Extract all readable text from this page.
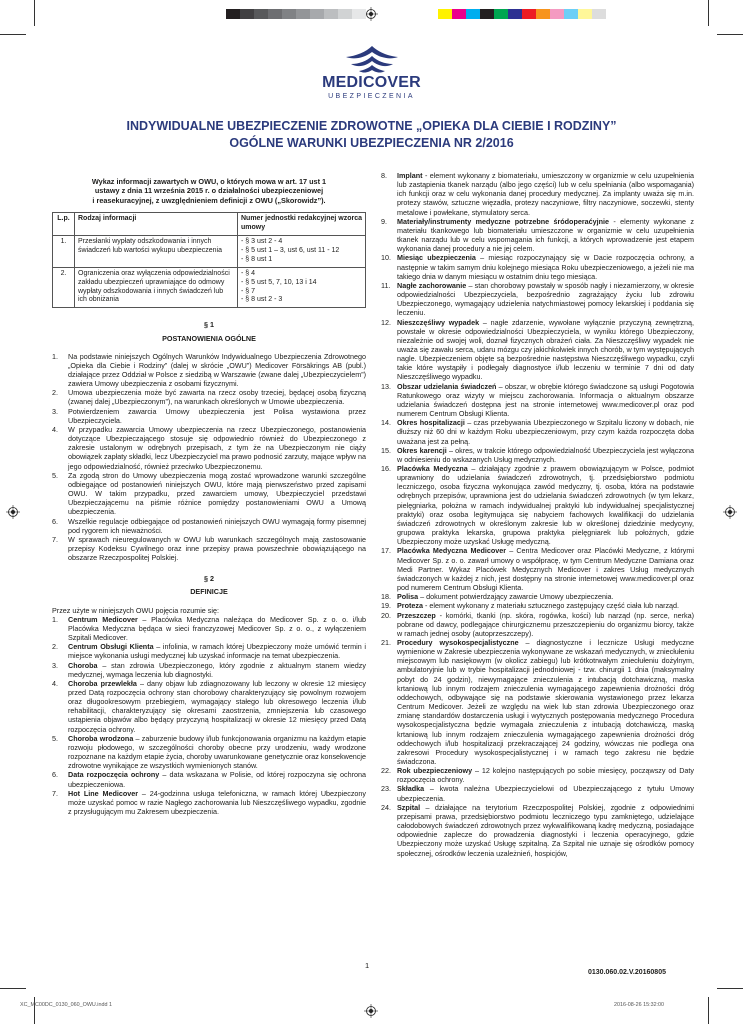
MEDICOVER
UBEZPIECZENIA
INDYWIDUALNE UBEZPIECZENIE ZDROWOTNE „OPIEKA DLA CIEBIE I RODZINY”
OGÓLNE WARUNKI UBEZPIECZENIA NR 2/2016
Wykaz informacji zawartych w OWU, o których mowa w art. 17 ust 1
ustawy z dnia 11 września 2015 r. o działalności ubezpieczeniowej
i reasekuracyjnej, z uwzględnieniem definicji z OWU („Skorowidz”).
L.p.	Rodzaj informacji	Numer jednostki redakcyjnej wzorca umowy
1.	Przesłanki wypłaty odszkodowania i innych świadczeń lub wartości wykupu ubezpieczenia	- § 3 ust 2 - 4
- § 5 ust 1 – 3, ust 6, ust 11 - 12
- § 8 ust 1

2.	Ograniczenia oraz wyłączenia odpowiedzialności zakładu ubezpieczeń uprawniające do odmowy wypłaty odszkodowania i innych świadczeń lub ich obniżania	- § 4
- § 5 ust 5, 7, 10, 13 i 14
- § 7
- § 8 ust 2 - 3
§ 1
POSTANOWIENIA OGÓLNE
1. Na podstawie niniejszych Ogólnych Warunków Indywidualnego Ubezpieczenia Zdrowotnego „Opieka dla Ciebie i Rodziny” (dalej w skrócie „OWU”) Medicover Försäkrings AB (publ.) działające przez Oddział w Polsce z siedzibą w Warszawie (zwane dalej „Ubezpieczycielem”) zawiera Umowy ubezpieczenia z osobami fizycznymi.
2. Umowa ubezpieczenia może być zawarta na rzecz osoby trzeciej, będącej osobą fizyczną (zwanej dalej „Ubezpieczonym”), na warunkach określonych w Umowie ubezpieczenia.
3. Potwierdzeniem zawarcia Umowy ubezpieczenia jest Polisa wystawiona przez Ubezpieczyciela.
4. W przypadku zawarcia Umowy ubezpieczenia na rzecz Ubezpieczonego, postanowienia dotyczące Ubezpieczającego stosuje się odpowiednio również do Ubezpieczonego z zakresie ustalonym w odrębnych przepisach, z tym że na Ubezpieczonym nie ciąży obowiązek zapłaty składki, lecz Ubezpieczyciel ma prawo podnosić zarzuty, mające wpływ na jego odpowiedzialność, również przeciwko Ubezpieczonemu.
5. Za zgodą stron do Umowy ubezpieczenia mogą zostać wprowadzone warunki szczególne odbiegające od postanowień niniejszych OWU, które mają pierwszeństwo przed zapisami OWU. W takim przypadku, przed zawarciem umowy, Ubezpieczyciel przedstawi Ubezpieczającemu na piśmie różnice pomiędzy postanowieniami OWU a Umową ubezpieczenia.
6. Wszelkie regulacje odbiegające od postanowień niniejszych OWU wymagają formy pisemnej pod rygorem ich nieważności.
7. W sprawach nieuregulowanych w OWU lub warunkach szczególnych mają zastosowanie przepisy Kodeksu Cywilnego oraz inne przepisy prawa powszechnie obowiązującego na obszarze Rzeczpospolitej Polskiej.
§ 2
DEFINICJE
Przez użyte w niniejszych OWU pojęcia rozumie się:
1. Centrum Medicover – Placówka Medyczna należąca do Medicover Sp. z o. o. i/lub Placówka Medyczna będąca w sieci franczyzowej Medicover Sp. z o. o., z wyłączeniem Szpitali Medicover.
2. Centrum Obsługi Klienta – infolinia, w ramach której Ubezpieczony może umówić termin i miejsce wykonania usługi medycznej lub uzyskać informacje na temat ubezpieczenia.
3. Choroba – stan zdrowia Ubezpieczonego, który zgodnie z aktualnym stanem wiedzy medycznej, wymaga leczenia lub diagnostyki.
4. Choroba przewlekła – dany objaw lub zdiagnozowany lub leczony w okresie 12 miesięcy przed Datą rozpoczęcia ochrony stan chorobowy charakteryzujący się powolnym rozwojem oraz długookresowym przebiegiem, wymagający stałego lub okresowego leczenia i/lub rehabilitacji, charakteryzujący się okresami zaostrzenia, zmniejszenia lub czasowego ustąpienia objawów albo będący przyczyną hospitalizacji w okresie 12 miesięcy przed Datą rozpoczęcia ochrony.
5. Choroba wrodzona – zaburzenie budowy i/lub funkcjonowania organizmu na każdym etapie rozwoju płodowego, w szczególności choroby obecne przy urodzeniu, wady wrodzone rozpoznane na każdym etapie życia, choroby uwarunkowane genetycznie oraz konsekwencje zdrowotne wynikające ze wszystkich wymienionych stanów.
6. Data rozpoczęcia ochrony – data wskazana w Polisie, od której rozpoczyna się ochrona ubezpieczeniowa.
7. Hot Line Medicover – 24-godzinna usługa telefoniczna, w ramach której Ubezpieczony może uzyskać pomoc w razie Nagłego zachorowania lub Nieszczęśliwego wypadku, zgodnie z przysługującym mu Zakresem ubezpieczenia.
8. Implant - element wykonany z biomateriału, umieszczony w organizmie w celu uzupełnienia lub zastąpienia tkanek narządu (albo jego części) lub w celu spełniania (albo wspomagania) ich funkcji oraz w celu wykonania danej procedury medycznej. Za implanty uważa się m.in. protezy stawów, sztuczne więzadła, protezy naczyniowe, filtry naczyniowe, soczewki, stenty metalowe i powłekane, stymulatory serca.
9. Materiały/instrumenty medyczne potrzebne śródoperaćyjnie - elementy wykonane z materiału tkankowego lub biomateriału umieszczone w organizmie w celu uzupełnienia tkanek narządu lub w celu wspomagania ich funkcji, a których wprowadzenie jest etapem wykonania danej procedury a nie jej celem.
10. Miesiąc ubezpieczenia – miesiąc rozpoczynający się w Dacie rozpoczęcia ochrony, a następnie w takim samym dniu kolejnego miesiąca Roku ubezpieczeniowego, a jeżeli nie ma takiego dnia w danym miesiącu w ostatnim dniu tego miesiąca.
11. Nagłe zachorowanie – stan chorobowy powstały w sposób nagły i niezamierzony, w okresie odpowiedzialności Ubezpieczyciela, bezpośrednio zagrażający życiu lub zdrowiu Ubezpieczonego, wymagający udzielenia natychmiastowej pomocy lekarskiej i poddania się leczeniu.
12. Nieszczęśliwy wypadek – nagłe zdarzenie, wywołane wyłącznie przyczyną zewnętrzną, powstałe w okresie odpowiedzialności Ubezpieczyciela, w wyniku którego Ubezpieczony, niezależnie od swojej woli, doznał fizycznych obrażeń ciała. Za Nieszczęśliwy wypadek nie uważa się zawału serca, udaru mózgu czy jakichkolwiek innych chorób, w tym występujących nagle. Ubezpieczeniem objęte są bezpośrednie następstwa Nieszczęśliwego wypadku, czyli takie które wystąpiły i podłegały diagnostyce i/lub leczeniu w terminie 7 dni od daty Nieszczęśliwego wypadku.
13. Obszar udzielania świadczeń – obszar, w obrębie którego świadczone są usługi Pogotowia Ratunkowego oraz wizyty w miejscu zachorowania. Informacja o aktualnym obszarze udzielania świadczeń dostępna jest na stronie internetowej www.medicover.pl oraz pod numerem Centrum Obsługi Klienta.
14. Okres hospitalizacji – czas przebywania Ubezpieczonego w Szpitalu liczony w dobach, nie dłuższy niż 60 dni w każdym Roku ubezpieczeniowym, przy czym każda rozpoczęta doba uważana jest za pełną.
15. Okres karencji – okres, w trakcie którego odpowiedzialność Ubezpieczyciela jest wyłączona w odniesieniu do wskazanych Usług medycznych.
16. Placówka Medyczna – działający zgodnie z prawem obowiązującym w Polsce, podmiot uprawniony do udzielania świadczeń zdrowotnych, tj. przedsiębiorstwo podmiotu leczniczego, osoba fizyczna wykonująca zawód medyczny, tj. osoba, która na podstawie odrębnych przepisów, uprawniona jest do udzielania świadczeń zdrowotnych (w tym lekarz, pielęgniarka, położna w ramach indywidualnej praktyki lub indywidualnej specjalistycznej praktyki) oraz osoba legitymująca się nabyciem fachowych kwalifikacji do udzielania świadczeń zdrowotnych w określonym zakresie lub w określonej dziedzinie medycyny, grupowa praktyka lekarska, grupowa praktyka pielęgniarek lub położnych, gdzie Ubezpieczony może uzyskać Usługę medyczną.
17. Placówka Medyczna Medicover – Centra Medicover oraz Placówki Medyczne, z którymi Medicover Sp. z o. o. zawarł umowy o współpracę, w tym Centrum Medyczne Damiana oraz Medi Partner. Wykaz Placówek Medycznych Medicover i zakres Usług medycznych świadczonych w każdej z nich, jest dostępny na stronie internetowej www.medicover.pl oraz pod numerem Centrum Obsługi Klienta.
18. Polisa – dokument potwierdzający zawarcie Umowy ubezpieczenia.
19. Proteza - element wykonany z materiału sztucznego zastępujący część ciała lub narząd.
20. Przeszczep - komórki, tkanki (np. skóra, rogówka, kości) lub narząd (np. serce, nerka) pobrane od dawcy, podlegające chirurgicznemu przeszczepieniu do organizmu biorcy, także w ramach jednej osoby (autoprzeszczepy).
21. Procedury wysokospecjalistyczne – diagnostyczne i lecznicze Usługi medyczne wymienione w Zakresie ubezpieczenia wykonywane ze wskazań medycznych, w zniecłułeniu miejscowym lub nasiękowym (w okolicz zabiegu) lub krótkotrwałym zniecłułeniu dożylnym, ambulatoryjnie lub w trybie hospitalizacji jednodniowej - tzw. chirurgii 1 dnia (maksymalny pobyt do 24 godzin), niewymagające znieczulenia z intubacją dotchawiczną, maska krtaniową lub innym rodzajem znieczulenia wymagającego zapewnienia drożności dróg oddechowych, odbywające się na podstawie skierowania wystawionego przez lekarza Centrum Medicover. Jeżeli ze względu na wiek lub stan zdrowia Ubezpieczonego oraz zmianę standardów dostarczenia usługi i wytycznych postępowania medycznego Procedura wysokospecjalistyczna będzie wymagała znieczulenia z intubacją dotchawiczą, maską krtaniową lub innym rodzajem znieczulenia wymagającego zapewnienia drożności dróg oddechowych i/lub hospitalizacji przekraczającej 24 godziny, wówczas nie podlega ona zakresowi Procedury wysokospecjalistycznej i w ramach tego zakresu nie będzie świadczona.
22. Rok ubezpieczeniowy – 12 kolejno następujących po sobie miesięcy, począwszy od Daty rozpoczęcia ochrony.
23. Składka – kwota należna Ubezpieczycielowi od Ubezpieczającego z tytułu Umowy ubezpieczenia.
24. Szpital – działające na terytorium Rzeczpospolitej Polskiej, zgodnie z odpowiednimi przepisami prawa, przedsiębiorstwo podmiotu leczniczego typu zamkniętego, udzielające całodobowych świadczeń zdrowotnych przez wykwalifikowaną kadrę medyczną, posiadające odpowiednie zaplecze do prowadzenia diagnostyki i leczenia operacyjnego, gdzie Ubezpieczony może uzyskać Usługę szpitalną. Za Szpital nie uznaje się ośrodków pomocy społecznej, ośrodków leczenia uzależnień, hospicjów,
1
0130.060.02.V.20160805
XC_MC00DC_0130_060_OWU.indd 1	2016-08-26 15:32:00
